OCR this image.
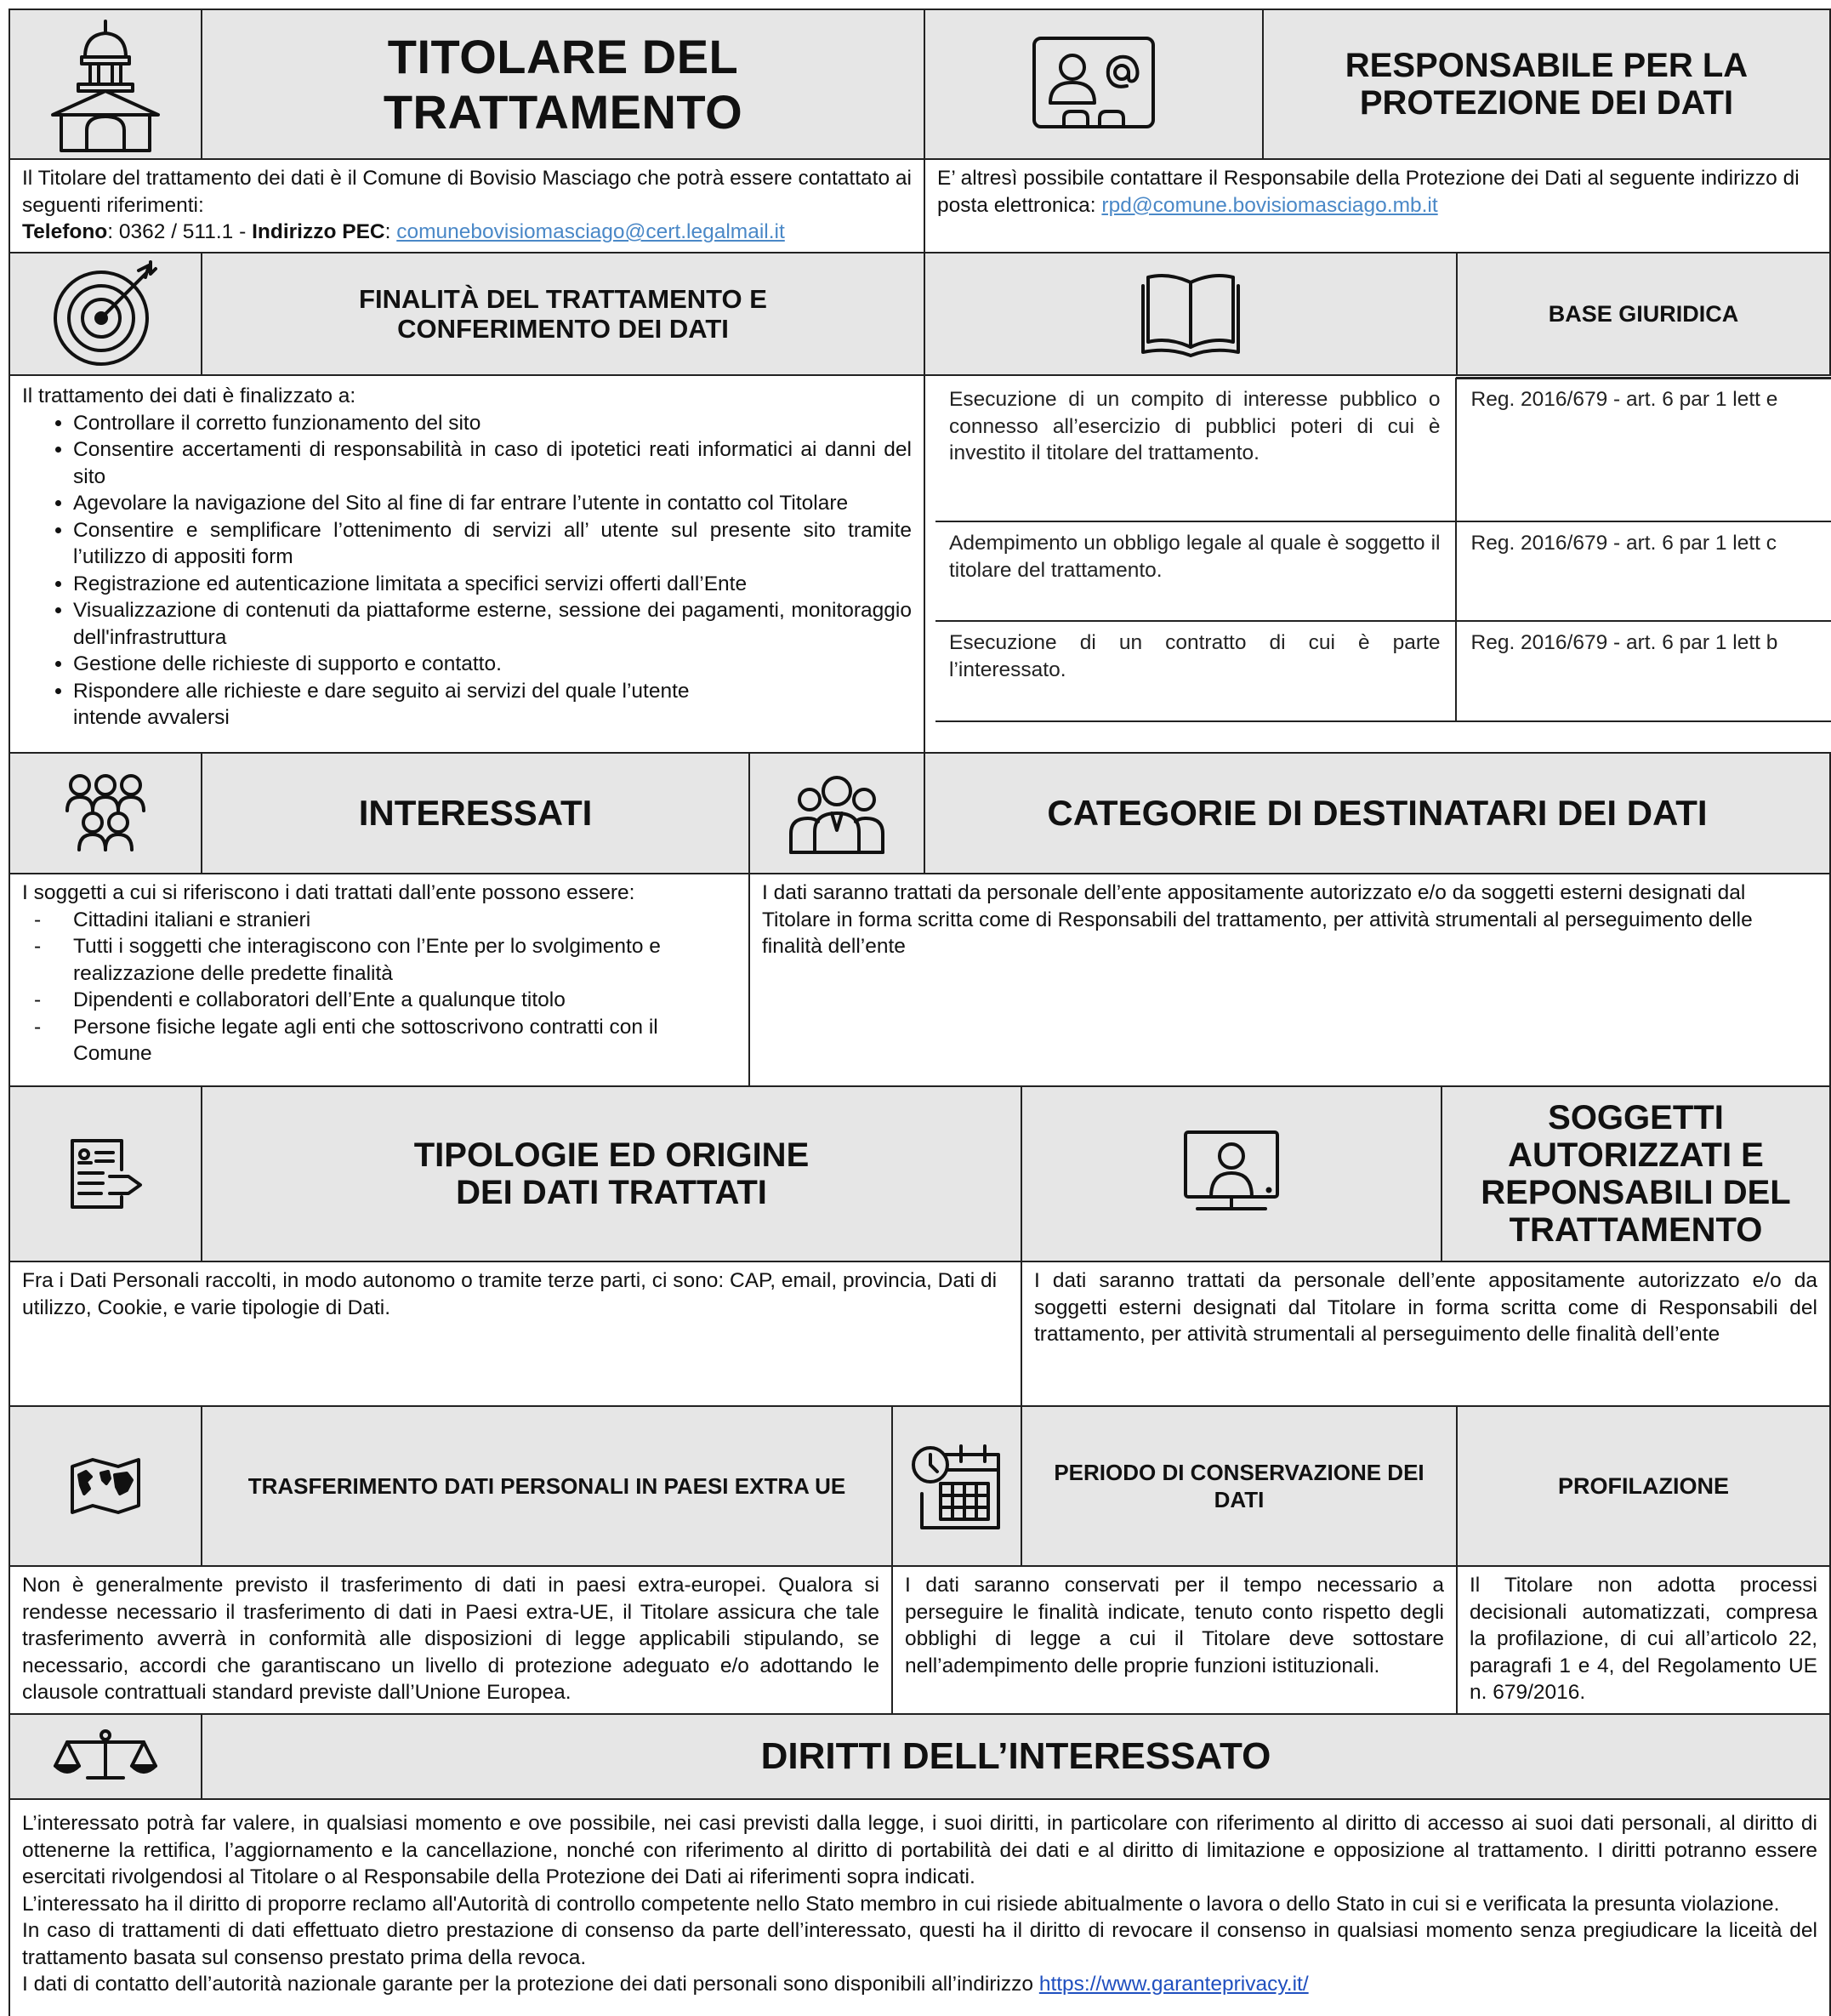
TITOLARE DEL TRATTAMENTO
RESPONSABILE PER LA
PROTEZIONE DEI DATI
Il Titolare del trattamento dei dati è il Comune di Bovisio Masciago che potrà essere contattato ai seguenti riferimenti:
Telefono: 0362 / 511.1 - Indirizzo PEC: comunebovisiomasciago@cert.legalmail.it
E’ altresì possibile contattare il Responsabile della Protezione dei Dati al seguente indirizzo di posta elettronica: rpd@comune.bovisiomasciago.mb.it
FINALITÀ DEL TRATTAMENTO E
CONFERIMENTO DEI DATI	BASE GIURIDICA
Il trattamento dei dati è finalizzato a:
• Controllare il corretto funzionamento del sito
• Consentire accertamenti di responsabilità in caso di ipotetici reati informatici ai danni del sito
• Agevolare la navigazione del Sito al fine di far entrare l’utente in contatto col Titolare
• Consentire e semplificare l’ottenimento di servizi all’ utente sul presente sito tramite l’utilizzo di appositi form
• Registrazione ed autenticazione limitata a specifici servizi offerti dall’Ente
• Visualizzazione di contenuti da piattaforme esterne, sessione dei pagamenti, monitoraggio dell'infrastruttura
• Gestione delle richieste di supporto e contatto.
• Rispondere alle richieste e dare seguito ai servizi del quale l’utente intende avvalersi
Esecuzione di un compito di interesse pubblico o connesso all’esercizio di pubblici poteri di cui è investito il titolare del trattamento.
Reg. 2016/679 - art. 6 par 1 lett e
Adempimento un obbligo legale al quale è soggetto il titolare del trattamento.
Reg. 2016/679 - art. 6 par 1 lett c
Esecuzione di un contratto di cui è parte l’interessato.
Reg. 2016/679 - art. 6 par 1 lett b
INTERESSATI	CATEGORIE DI DESTINATARI DEI DATI
I soggetti a cui si riferiscono i dati trattati dall’ente possono essere:
- Cittadini italiani e stranieri
- Tutti i soggetti che interagiscono con l’Ente per lo svolgimento e realizzazione delle predette finalità
- Dipendenti e collaboratori dell’Ente a qualunque titolo
- Persone fisiche legate agli enti che sottoscrivono contratti con il Comune
I dati saranno trattati da personale dell’ente appositamente autorizzato e/o da soggetti esterni designati dal Titolare in forma scritta come di Responsabili del trattamento, per attività strumentali al perseguimento delle finalità dell’ente
TIPOLOGIE ED ORIGINE
DEI DATI TRATTATI
SOGGETTI
AUTORIZZATI E
REPONSABILI DEL
TRATTAMENTO
Fra i Dati Personali raccolti, in modo autonomo o tramite terze parti, ci sono: CAP, email, provincia, Dati di utilizzo, Cookie, e varie tipologie di Dati.
I dati saranno trattati da personale dell’ente appositamente autorizzato e/o da soggetti esterni designati dal Titolare in forma scritta come di Responsabili del trattamento, per attività strumentali al perseguimento delle finalità dell’ente
TRASFERIMENTO DATI PERSONALI IN PAESI EXTRA UE
PERIODO DI CONSERVAZIONE DEI
DATI
PROFILAZIONE
Non è generalmente previsto il trasferimento di dati in paesi extra-europei. Qualora si rendesse necessario il trasferimento di dati in Paesi extra-UE, il Titolare assicura che tale trasferimento avverrà in conformità alle disposizioni di legge applicabili stipulando, se necessario, accordi che garantiscano un livello di protezione adeguato e/o adottando le clausole contrattuali standard previste dall’Unione Europea.
I dati saranno conservati per il tempo necessario a perseguire le finalità indicate, tenuto conto rispetto degli obblighi di legge a cui il Titolare deve sottostare nell’adempimento delle proprie funzioni istituzionali.
Il Titolare non adotta processi decisionali automatizzati, compresa la profilazione, di cui all’articolo 22, paragrafi 1 e 4, del Regolamento UE n. 679/2016.
DIRITTI DELL’INTERESSATO
L’interessato potrà far valere, in qualsiasi momento e ove possibile, nei casi previsti dalla legge, i suoi diritti, in particolare con riferimento al diritto di accesso ai suoi dati personali, al diritto di ottenerne la rettifica, l’aggiornamento e la cancellazione, nonché con riferimento al diritto di portabilità dei dati e al diritto di limitazione e opposizione al trattamento. I diritti potranno essere esercitati rivolgendosi al Titolare o al Responsabile della Protezione dei Dati ai riferimenti sopra indicati.
L’interessato ha il diritto di proporre reclamo all'Autorità di controllo competente nello Stato membro in cui risiede abitualmente o lavora o dello Stato in cui si e verificata la presunta violazione.
In caso di trattamenti di dati effettuato dietro prestazione di consenso da parte dell’interessato, questi ha il diritto di revocare il consenso in qualsiasi momento senza pregiudicare la liceità del trattamento basata sul consenso prestato prima della revoca.
I dati di contatto dell’autorità nazionale garante per la protezione dei dati personali sono disponibili all’indirizzo https://www.garanteprivacy.it/
